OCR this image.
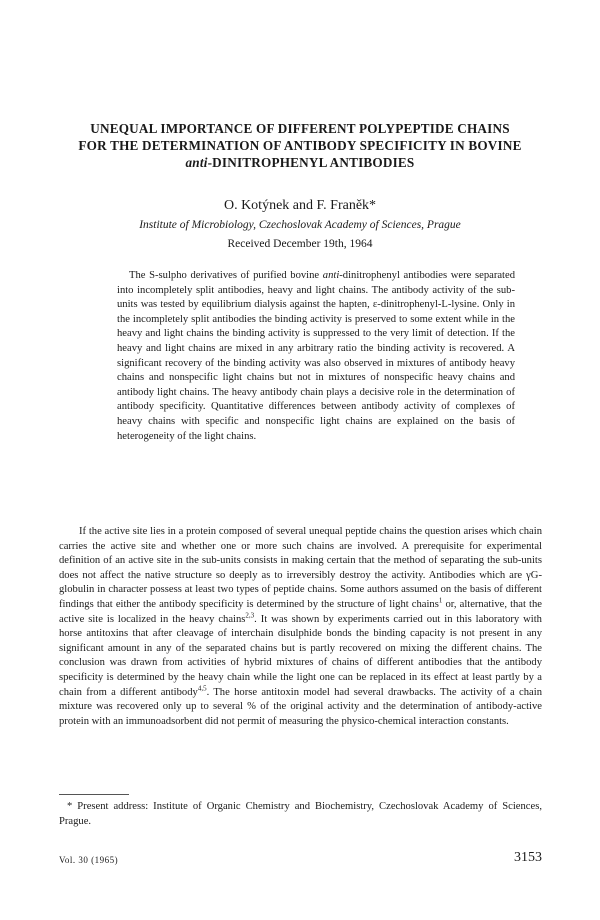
UNEQUAL IMPORTANCE OF DIFFERENT POLYPEPTIDE CHAINS
FOR THE DETERMINATION OF ANTIBODY SPECIFICITY IN BOVINE
anti-DINITROPHENYL ANTIBODIES
O. Kotýnek and F. Franěk*
Institute of Microbiology, Czechoslovak Academy of Sciences, Prague
Received December 19th, 1964

The S-sulpho derivatives of purified bovine anti-dinitrophenyl antibodies were separated into incompletely split antibodies, heavy and light chains. The antibody activity of the sub-units was tested by equilibrium dialysis against the hapten, ε-dinitrophenyl-L-lysine. Only in the incompletely split antibodies the binding activity is preserved to some extent while in the heavy and light chains the binding activity is suppressed to the very limit of detection. If the heavy and light chains are mixed in any arbitrary ratio the binding activity is recovered. A significant recovery of the binding activity was also observed in mixtures of antibody heavy chains and nonspecific light chains but not in mixtures of nonspecific heavy chains and antibody light chains. The heavy antibody chain plays a decisive role in the determination of antibody specificity. Quantitative differences between antibody activity of complexes of heavy chains with specific and nonspecific light chains are explained on the basis of heterogeneity of the light chains.

If the active site lies in a protein composed of several unequal peptide chains the question arises which chain carries the active site and whether one or more such chains are involved. A prerequisite for experimental definition of an active site in the sub-units consists in making certain that the method of separating the sub-units does not affect the native structure so deeply as to irreversibly destroy the activity. Antibodies which are γG-globulin in character possess at least two types of peptide chains. Some authors assumed on the basis of different findings that either the antibody specificity is determined by the structure of light chains$^1$ or, alternative, that the active site is localized in the heavy chains$^{2,3}$. It was shown by experiments carried out in this laboratory with horse antitoxins that after cleavage of interchain disulphide bonds the binding capacity is not present in any significant amount in any of the separated chains but is partly recovered on mixing the different chains. The conclusion was drawn from activities of hybrid mixtures of chains of different antibodies that the antibody specificity is determined by the heavy chain while the light one can be replaced in its effect at least partly by a chain from a different antibody$^{4,5}$. The horse antitoxin model had several drawbacks. The activity of a chain mixture was recovered only up to several % of the original activity and the determination of antibody-active protein with an immunoadsorbent did not permit of measuring the physico-chemical interaction constants.

* Present address: Institute of Organic Chemistry and Biochemistry, Czechoslovak Academy of Sciences, Prague.

Vol. 30 (1965)	3153
